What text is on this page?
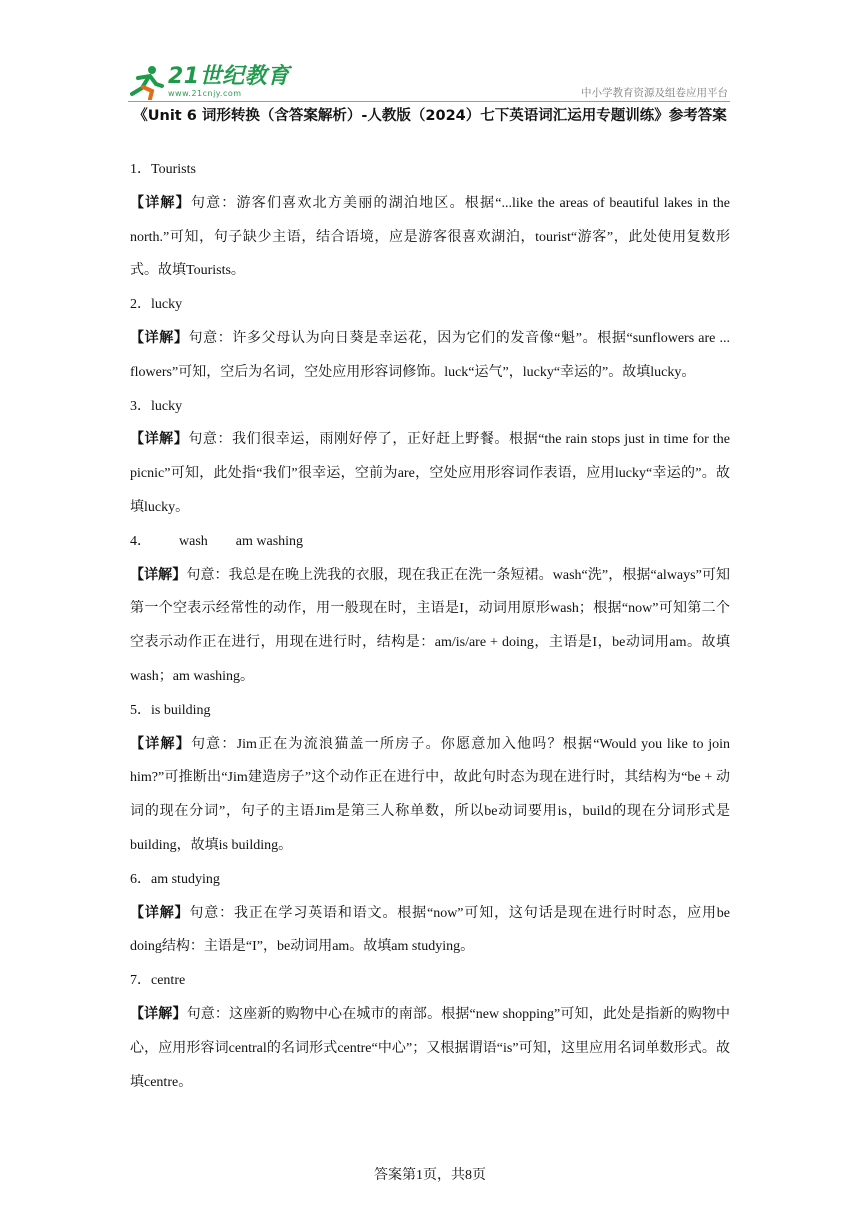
21世纪教育
www.21cnjy.com	中小学教育资源及组卷应用平台
《Unit 6 词形转换（含答案解析）-人教版（2024）七下英语词汇运用专题训练》参考答案

1．Tourists

【详解】句意：游客们喜欢北方美丽的湖泊地区。根据“...like the areas of beautiful lakes in the north.”可知，句子缺少主语，结合语境，应是游客很喜欢湖泊，tourist“游客”，此处使用复数形式。故填Tourists。

2．lucky

【详解】句意：许多父母认为向日葵是幸运花，因为它们的发音像“魁”。根据“sunflowers are ... flowers”可知，空后为名词，空处应用形容词修饰。luck“运气”，lucky“幸运的”。故填lucky。

3．lucky

【详解】句意：我们很幸运，雨刚好停了，正好赶上野餐。根据“the rain stops just in time for the picnic”可知，此处指“我们”很幸运，空前为are，空处应用形容词作表语，应用lucky“幸运的”。故填lucky。

4．        wash        am washing

【详解】句意：我总是在晚上洗我的衣服，现在我正在洗一条短裙。wash“洗”，根据“always”可知第一个空表示经常性的动作，用一般现在时，主语是I，动词用原形wash；根据“now”可知第二个空表示动作正在进行，用现在进行时，结构是：am/is/are + doing，主语是I，be动词用am。故填wash；am washing。

5．is building

【详解】句意：Jim正在为流浪猫盖一所房子。你愿意加入他吗？根据“Would you like to join him?”可推断出“Jim建造房子”这个动作正在进行中，故此句时态为现在进行时，其结构为“be + 动词的现在分词”，句子的主语Jim是第三人称单数，所以be动词要用is，build的现在分词形式是building，故填is building。

6．am studying

【详解】句意：我正在学习英语和语文。根据“now”可知，这句话是现在进行时时态，应用be doing结构：主语是“I”，be动词用am。故填am studying。

7．centre

【详解】句意：这座新的购物中心在城市的南部。根据“new shopping”可知，此处是指新的购物中心，应用形容词central的名词形式centre“中心”；又根据谓语“is”可知，这里应用名词单数形式。故填centre。

答案第1页，共8页
